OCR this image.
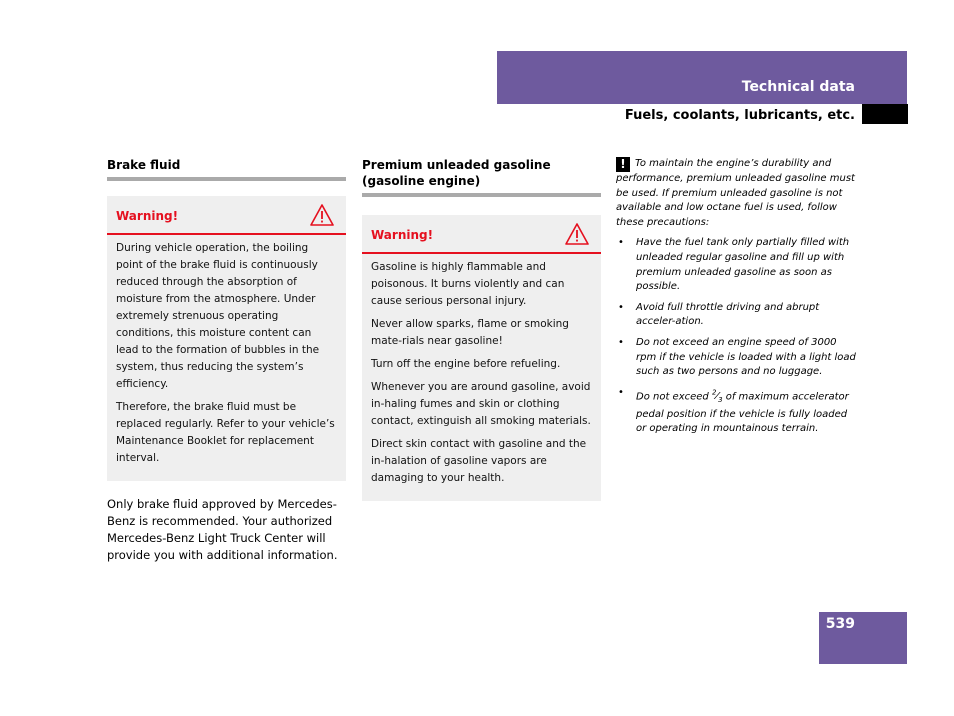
Technical data
Fuels, coolants, lubricants, etc.
Brake fluid
Warning!

During vehicle operation, the boiling point of the brake fluid is continuously reduced through the absorption of moisture from the atmosphere. Under extremely strenuous operating conditions, this moisture content can lead to the formation of bubbles in the system, thus reducing the system’s efficiency.

Therefore, the brake fluid must be replaced regularly. Refer to your vehicle’s Maintenance Booklet for replacement interval.

Only brake fluid approved by Mercedes-Benz is recommended. Your authorized Mercedes-Benz Light Truck Center will provide you with additional information.
Premium unleaded gasoline
(gasoline engine)
Warning!

Gasoline is highly flammable and poisonous. It burns violently and can cause serious personal injury.

Never allow sparks, flame or smoking mate-rials near gasoline!

Turn off the engine before refueling.

Whenever you are around gasoline, avoid in-haling fumes and skin or clothing contact, extinguish all smoking materials.

Direct skin contact with gasoline and the in-halation of gasoline vapors are damaging to your health.

! To maintain the engine’s durability and performance, premium unleaded gasoline must be used. If premium unleaded gasoline is not available and low octane fuel is used, follow these precautions:

• Have the fuel tank only partially filled with unleaded regular gasoline and fill up with premium unleaded gasoline as soon as possible.
• Avoid full throttle driving and abrupt acceler-ation.
• Do not exceed an engine speed of 3000 rpm if the vehicle is loaded with a light load such as two persons and no luggage.
• Do not exceed $^2⁄_3$ of maximum accelerator pedal position if the vehicle is fully loaded or operating in mountainous terrain.
539
